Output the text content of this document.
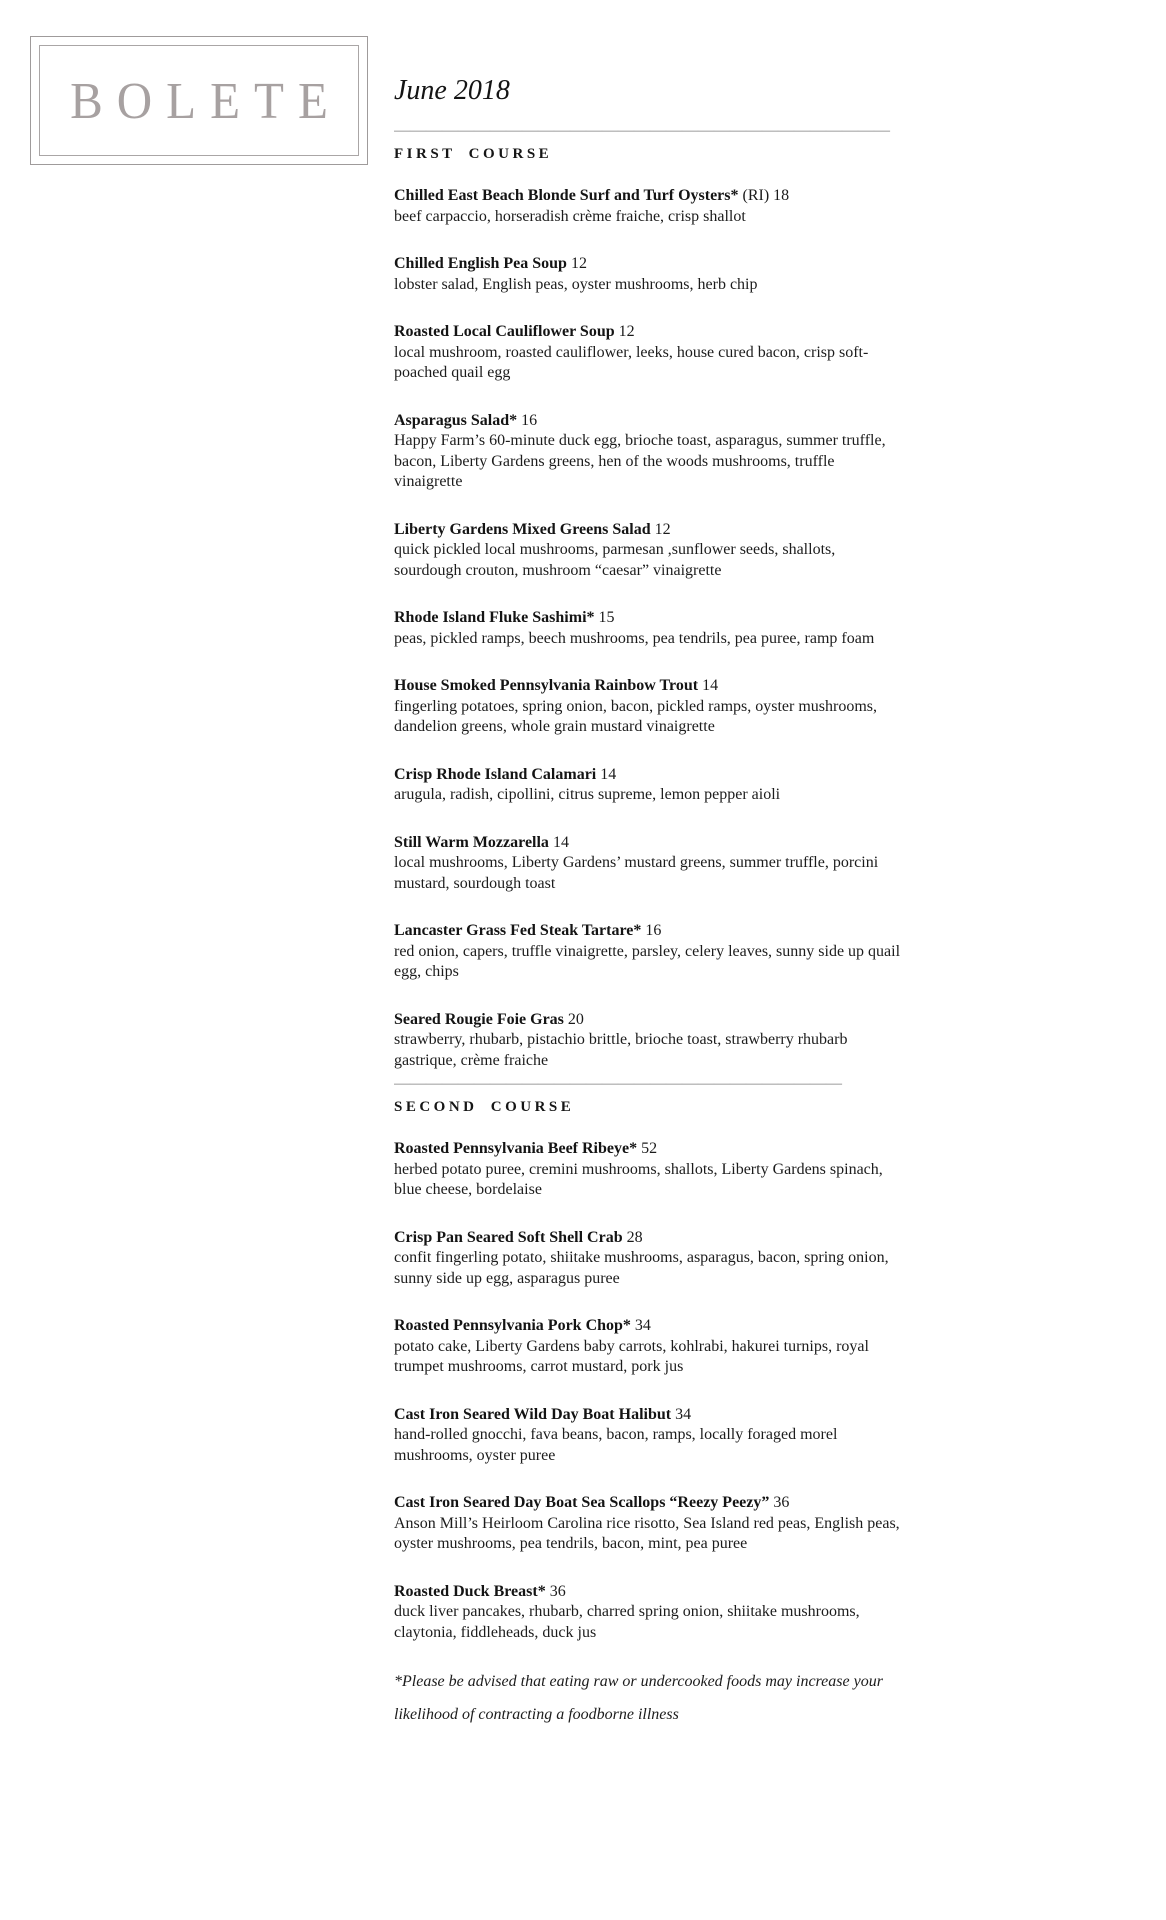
BOLETE June 2018
———————————————————————————————
FIRST COURSE
Chilled East Beach Blonde Surf and Turf Oysters* (RI) 18
beef carpaccio, horseradish crème fraiche, crisp shallot
Chilled English Pea Soup 12
lobster salad, English peas, oyster mushrooms, herb chip
Roasted Local Cauliflower Soup 12
local mushroom, roasted cauliflower, leeks, house cured bacon, crisp soft-poached quail egg
Asparagus Salad* 16
Happy Farm’s 60-minute duck egg, brioche toast, asparagus, summer truffle, bacon, Liberty Gardens greens, hen of the woods mushrooms, truffle vinaigrette
Liberty Gardens Mixed Greens Salad 12
quick pickled local mushrooms, parmesan ,sunflower seeds, shallots, sourdough crouton, mushroom “caesar” vinaigrette
Rhode Island Fluke Sashimi* 15
peas, pickled ramps, beech mushrooms, pea tendrils, pea puree, ramp foam
House Smoked Pennsylvania Rainbow Trout 14
fingerling potatoes, spring onion, bacon, pickled ramps, oyster mushrooms, dandelion greens, whole grain mustard vinaigrette
Crisp Rhode Island Calamari 14
arugula, radish, cipollini, citrus supreme, lemon pepper aioli
Still Warm Mozzarella 14
local mushrooms, Liberty Gardens’ mustard greens, summer truffle, porcini mustard, sourdough toast
Lancaster Grass Fed Steak Tartare* 16
red onion, capers, truffle vinaigrette, parsley, celery leaves, sunny side up quail egg, chips
Seared Rougie Foie Gras 20
strawberry, rhubarb, pistachio brittle, brioche toast, strawberry rhubarb gastrique, crème fraiche
————————————————————————————
SECOND COURSE
Roasted Pennsylvania Beef Ribeye* 52
herbed potato puree, cremini mushrooms, shallots, Liberty Gardens spinach, blue cheese, bordelaise
Crisp Pan Seared Soft Shell Crab 28
confit fingerling potato, shiitake mushrooms, asparagus, bacon, spring onion, sunny side up egg, asparagus puree
Roasted Pennsylvania Pork Chop* 34
potato cake, Liberty Gardens baby carrots, kohlrabi, hakurei turnips, royal trumpet mushrooms, carrot mustard, pork jus
Cast Iron Seared Wild Day Boat Halibut 34
hand-rolled gnocchi, fava beans, bacon, ramps, locally foraged morel mushrooms, oyster puree
Cast Iron Seared Day Boat Sea Scallops “Reezy Peezy” 36
Anson Mill’s Heirloom Carolina rice risotto, Sea Island red peas, English peas, oyster mushrooms, pea tendrils, bacon, mint, pea puree
Roasted Duck Breast* 36
duck liver pancakes, rhubarb, charred spring onion, shiitake mushrooms, claytonia, fiddleheads, duck jus

*Please be advised that eating raw or undercooked foods may increase your likelihood of contracting a foodborne illness
